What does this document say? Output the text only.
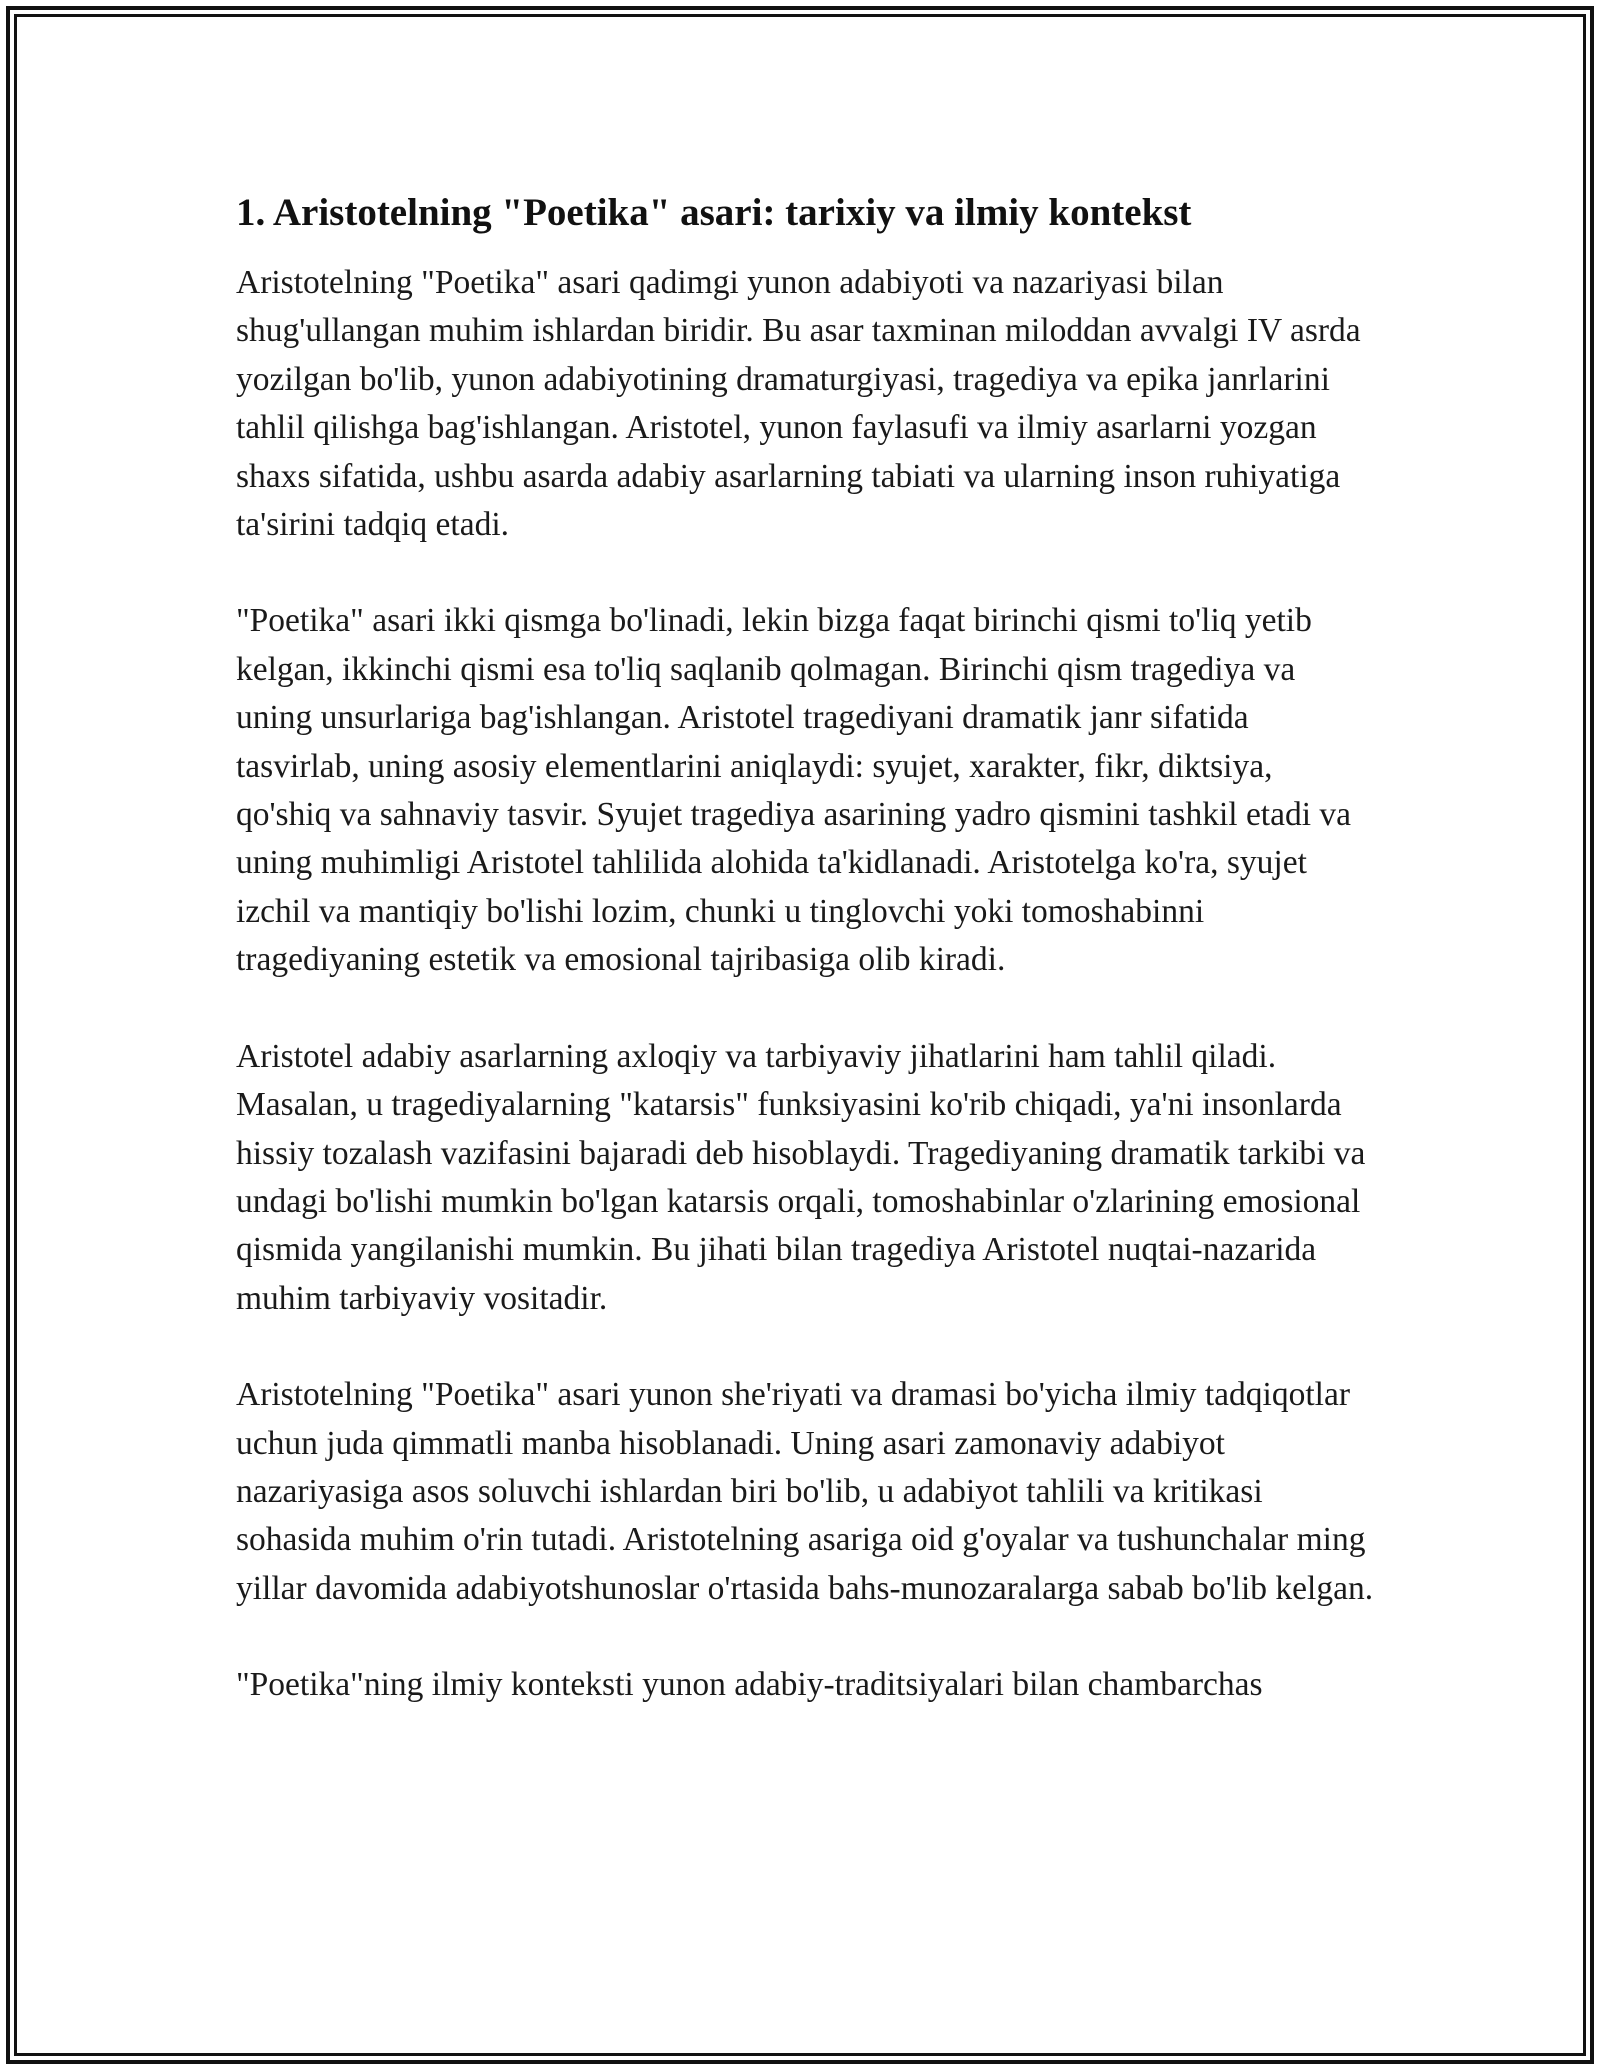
1. Aristotelning "Poetika" asari: tarixiy va ilmiy kontekst

Aristotelning "Poetika" asari qadimgi yunon adabiyoti va nazariyasi bilan shug'ullangan muhim ishlardan biridir. Bu asar taxminan miloddan avvalgi IV asrda yozilgan bo'lib, yunon adabiyotining dramaturgiyasi, tragediya va epika janrlarini tahlil qilishga bag'ishlangan. Aristotel, yunon faylasufi va ilmiy asarlarni yozgan shaxs sifatida, ushbu asarda adabiy asarlarning tabiati va ularning inson ruhiyatiga ta'sirini tadqiq etadi.

"Poetika" asari ikki qismga bo'linadi, lekin bizga faqat birinchi qismi to'liq yetib kelgan, ikkinchi qismi esa to'liq saqlanib qolmagan. Birinchi qism tragediya va uning unsurlariga bag'ishlangan. Aristotel tragediyani dramatik janr sifatida tasvirlab, uning asosiy elementlarini aniqlaydi: syujet, xarakter, fikr, diktsiya, qo'shiq va sahnaviy tasvir. Syujet tragediya asarining yadro qismini tashkil etadi va uning muhimligi Aristotel tahlilida alohida ta'kidlanadi. Aristotelga ko'ra, syujet izchil va mantiqiy bo'lishi lozim, chunki u tinglovchi yoki tomoshabinni tragediyaning estetik va emosional tajribasiga olib kiradi.

Aristotel adabiy asarlarning axloqiy va tarbiyaviy jihatlarini ham tahlil qiladi. Masalan, u tragediyalarning "katarsis" funksiyasini ko'rib chiqadi, ya'ni insonlarda hissiy tozalash vazifasini bajaradi deb hisoblaydi. Tragediyaning dramatik tarkibi va undagi bo'lishi mumkin bo'lgan katarsis orqali, tomoshabinlar o'zlarining emosional qismida yangilanishi mumkin. Bu jihati bilan tragediya Aristotel nuqtai-nazarida muhim tarbiyaviy vositadir.

Aristotelning "Poetika" asari yunon she'riyati va dramasi bo'yicha ilmiy tadqiqotlar uchun juda qimmatli manba hisoblanadi. Uning asari zamonaviy adabiyot nazariyasiga asos soluvchi ishlardan biri bo'lib, u adabiyot tahlili va kritikasi sohasida muhim o'rin tutadi. Aristotelning asariga oid g'oyalar va tushunchalar ming yillar davomida adabiyotshunoslar o'rtasida bahs-munozaralarga sabab bo'lib kelgan.

"Poetika"ning ilmiy konteksti yunon adabiy-traditsiyalari bilan chambarchas
